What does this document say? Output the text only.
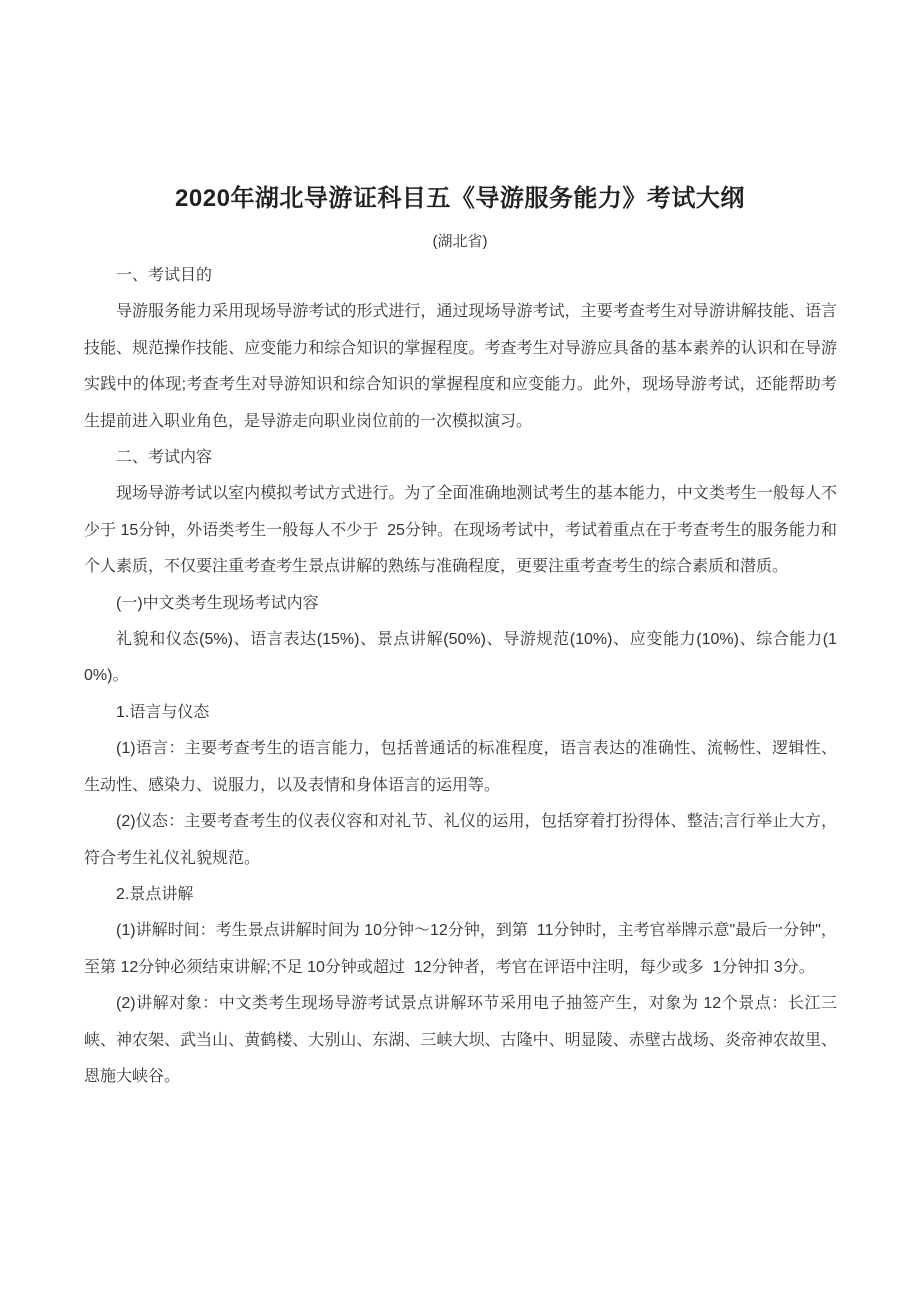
2020年湖北导游证科目五《导游服务能力》考试大纲
(湖北省)

一、考试目的

导游服务能力采用现场导游考试的形式进行，通过现场导游考试，主要考查考生对导游讲解技能、语言技能、规范操作技能、应变能力和综合知识的掌握程度。考查考生对导游应具备的基本素养的认识和在导游实践中的体现;考查考生对导游知识和综合知识的掌握程度和应变能力。此外，现场导游考试，还能帮助考生提前进入职业角色，是导游走向职业岗位前的一次模拟演习。

二、考试内容

现场导游考试以室内模拟考试方式进行。为了全面准确地测试考生的基本能力，中文类考生一般每人不少于 15分钟，外语类考生一般每人不少于  25分钟。在现场考试中，考试着重点在于考查考生的服务能力和个人素质，不仅要注重考查考生景点讲解的熟练与准确程度，更要注重考查考生的综合素质和潜质。

(一)中文类考生现场考试内容

礼貌和仪态(5%)、语言表达(15%)、景点讲解(50%)、导游规范(10%)、应变能力(10%)、综合能力(10%)。

1.语言与仪态

(1)语言：主要考查考生的语言能力，包括普通话的标准程度，语言表达的准确性、流畅性、逻辑性、生动性、感染力、说服力，以及表情和身体语言的运用等。

(2)仪态：主要考查考生的仪表仪容和对礼节、礼仪的运用，包括穿着打扮得体、整洁;言行举止大方，符合考生礼仪礼貌规范。

2.景点讲解

(1)讲解时间：考生景点讲解时间为 10分钟～12分钟，到第  11分钟时，主考官举牌示意"最后一分钟"，至第 12分钟必须结束讲解;不足 10分钟或超过  12分钟者，考官在评语中注明，每少或多  1分钟扣 3分。

(2)讲解对象：中文类考生现场导游考试景点讲解环节采用电子抽签产生，对象为 12个景点：长江三峡、神农架、武当山、黄鹤楼、大别山、东湖、三峡大坝、古隆中、明显陵、赤壁古战场、炎帝神农故里、恩施大峡谷。
